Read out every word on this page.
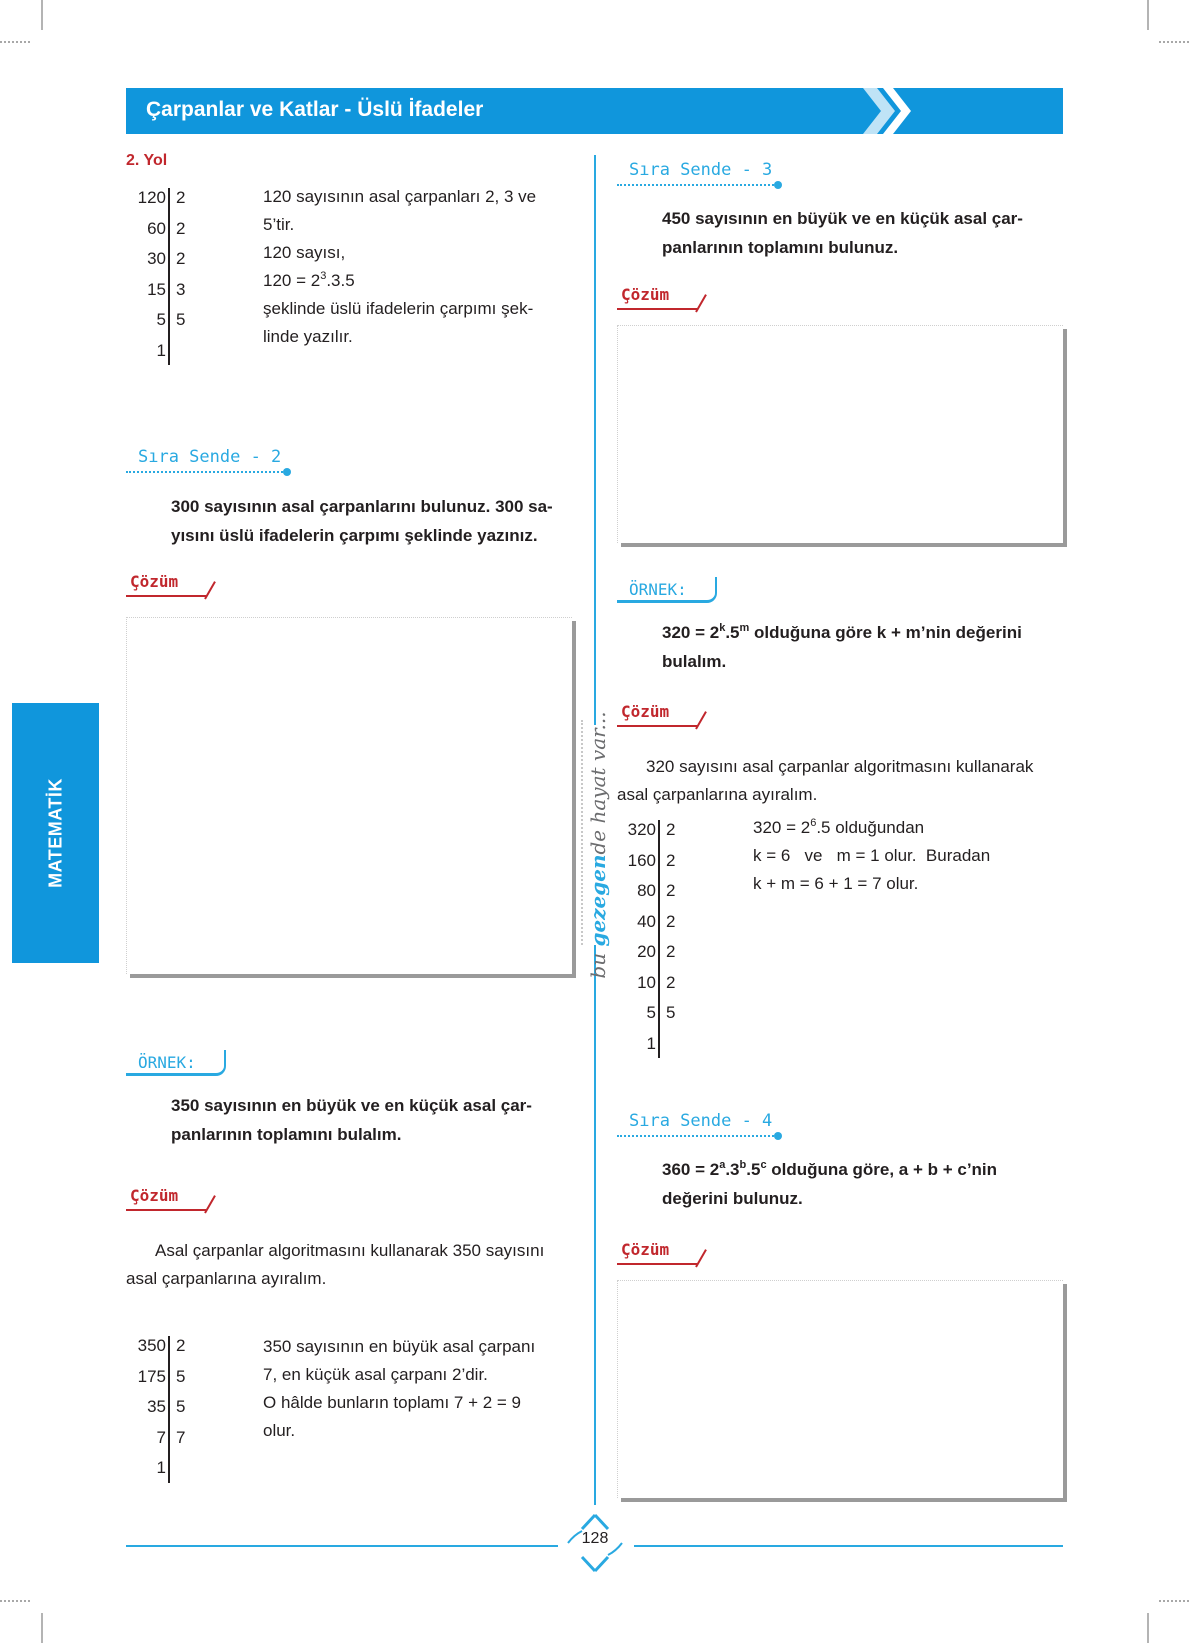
Çarpanlar ve Katlar - Üslü İfadeler
MATEMATİK
bu gezegende hayat var...
2. Yol
120 2
60 2
30 2
15 3
5 5
1
120 sayısının asal çarpanları 2, 3 ve
5’tir.
120 sayısı,
$120 = 2^3.3.5$
şeklinde üslü ifadelerin çarpımı şek-
linde yazılır.
Sıra Sende - 2
300 sayısının asal çarpanlarını bulunuz. 300 sa-
yısını üslü ifadelerin çarpımı şeklinde yazınız.
Çözüm
ÖRNEK:
350 sayısının en büyük ve en küçük asal çar-
panlarının toplamını bulalım.
Çözüm
Asal çarpanlar algoritmasını kullanarak 350 sayısını
asal çarpanlarına ayıralım.
350 2
175 5
35 5
7 7
1
350 sayısının en büyük asal çarpanı
7, en küçük asal çarpanı 2’dir.
O hâlde bunların toplamı 7 + 2 = 9
olur.
Sıra Sende - 3
450 sayısının en büyük ve en küçük asal çar-
panlarının toplamını bulunuz.
Çözüm
ÖRNEK:
$320 = 2^k.5^m$ olduğuna göre k + m’nin değerini
bulalım.
Çözüm
320 sayısını asal çarpanlar algoritmasını kullanarak
asal çarpanlarına ayıralım.
320 2
160 2
80 2
40 2
20 2
10 2
5 5
1
$320 = 2^6.5$ olduğundan
k = 6   ve   m = 1 olur.  Buradan
k + m = 6 + 1 = 7 olur.
Sıra Sende - 4
$360 = 2^a.3^b.5^c$ olduğuna göre, a + b + c’nin
değerini bulunuz.
Çözüm
128
